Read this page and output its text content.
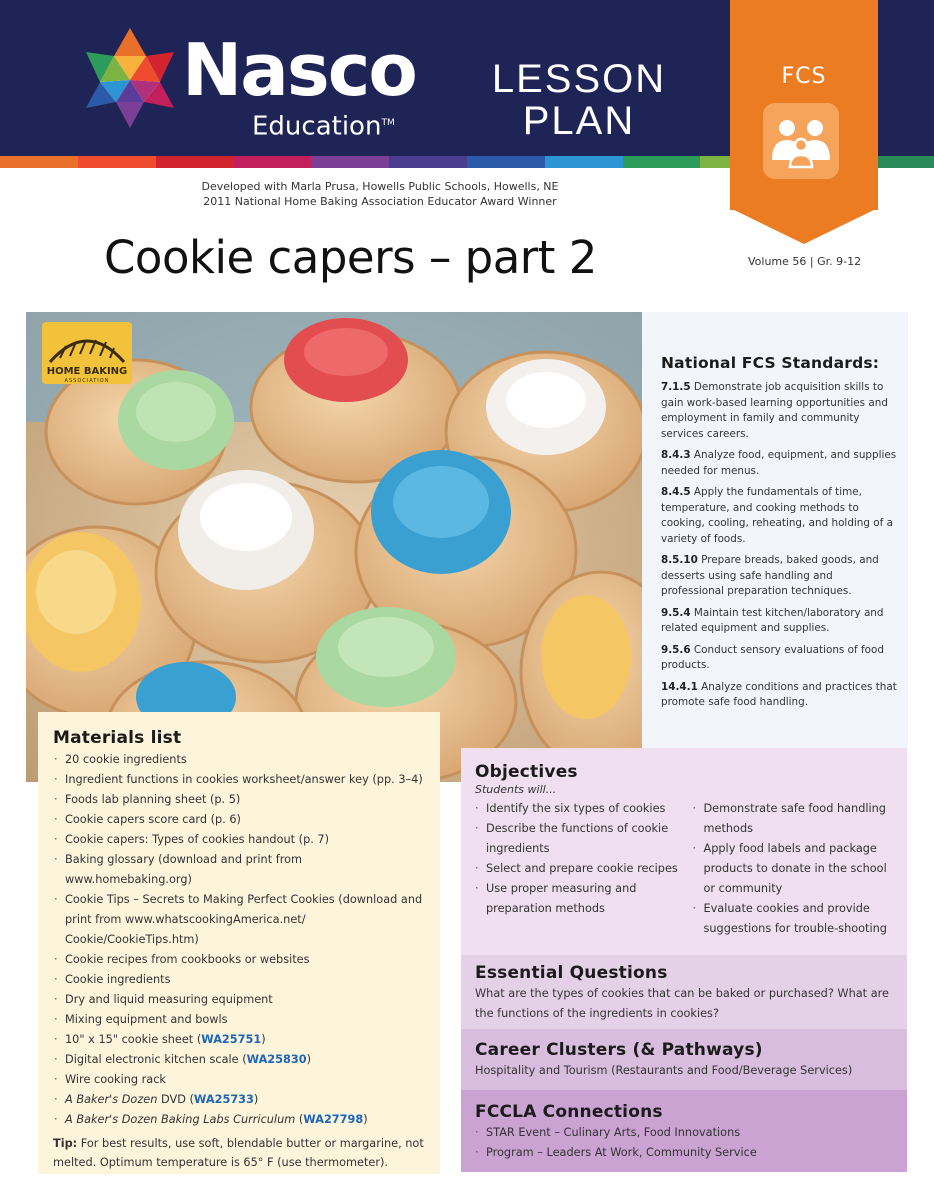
Nasco
Education™
LESSON
PLAN
FCS
Developed with Marla Prusa, Howells Public Schools, Howells, NE
2011 National Home Baking Association Educator Award Winner
Cookie capers – part 2	Volume 56 | Gr. 9-12
HOME BAKING
ASSOCIATION
National FCS Standards:
7.1.5 Demonstrate job acquisition skills to gain work-based learning opportunities and employment in family and community services careers.
8.4.3 Analyze food, equipment, and supplies needed for menus.
8.4.5 Apply the fundamentals of time, temperature, and cooking methods to cooking, cooling, reheating, and holding of a variety of foods.
8.5.10 Prepare breads, baked goods, and desserts using safe handling and professional preparation techniques.
9.5.4 Maintain test kitchen/laboratory and related equipment and supplies.
9.5.6 Conduct sensory evaluations of food products.
14.4.1 Analyze conditions and practices that promote safe food handling.
Materials list
· 20 cookie ingredients
· Ingredient functions in cookies worksheet/answer key (pp. 3–4)
· Foods lab planning sheet (p. 5)
· Cookie capers score card (p. 6)
· Cookie capers: Types of cookies handout (p. 7)
· Baking glossary (download and print from www.homebaking.org)
· Cookie Tips – Secrets to Making Perfect Cookies (download and print from www.whatscookingAmerica.net/ Cookie/CookieTips.htm)
· Cookie recipes from cookbooks or websites
· Cookie ingredients
· Dry and liquid measuring equipment
· Mixing equipment and bowls
· 10" x 15" cookie sheet (WA25751)
· Digital electronic kitchen scale (WA25830)
· Wire cooking rack
· A Baker's Dozen DVD (WA25733)
· A Baker's Dozen Baking Labs Curriculum (WA27798)
Tip: For best results, use soft, blendable butter or margarine, not melted. Optimum temperature is 65° F (use thermometer).
Objectives
Students will...
· Identify the six types of cookies
· Describe the functions of cookie ingredients
· Select and prepare cookie recipes
· Use proper measuring and preparation methods
· Demonstrate safe food handling methods
· Apply food labels and package products to donate in the school or community
· Evaluate cookies and provide suggestions for trouble-shooting
Essential Questions
What are the types of cookies that can be baked or purchased? What are the functions of the ingredients in cookies?
Career Clusters (& Pathways)
Hospitality and Tourism (Restaurants and Food/Beverage Services)
FCCLA Connections
· STAR Event – Culinary Arts, Food Innovations
· Program – Leaders At Work, Community Service
